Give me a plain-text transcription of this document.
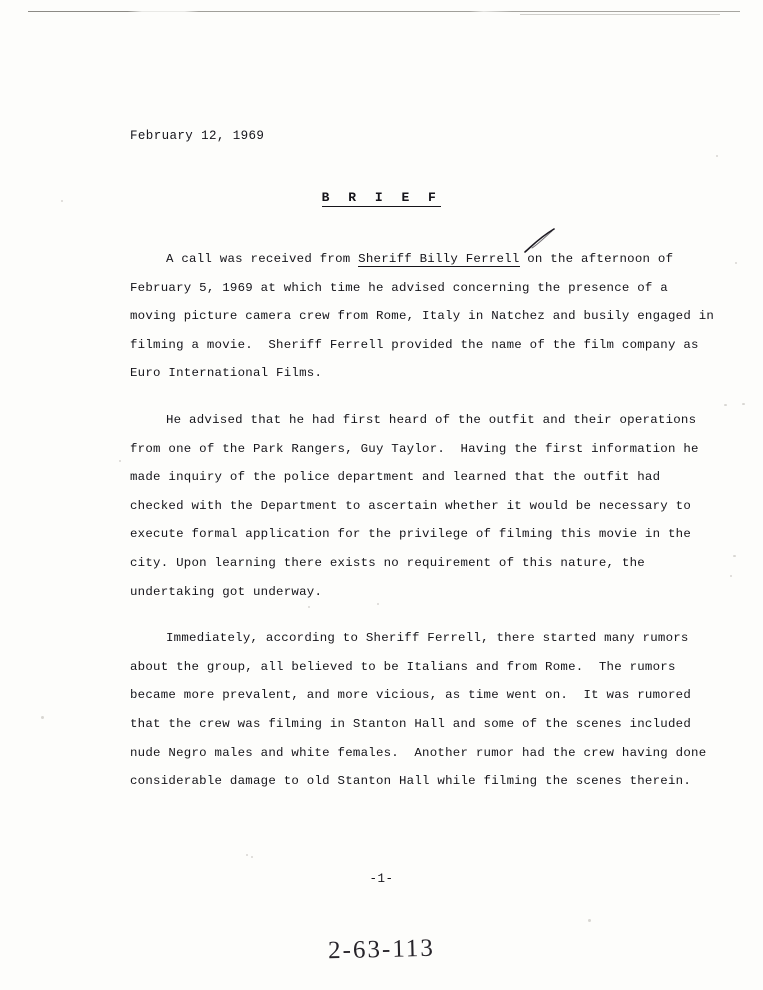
February 12, 1969
B R I E F

A call was received from Sheriff Billy Ferrell on the afternoon of February 5, 1969 at which time he advised concerning the presence of a moving picture camera crew from Rome, Italy in Natchez and busily engaged in filming a movie.  Sheriff Ferrell provided the name of the film company as Euro International Films.

He advised that he had first heard of the outfit and their operations from one of the Park Rangers, Guy Taylor.  Having the first information he made inquiry of the police department and learned that the outfit had checked with the Department to ascertain whether it would be necessary to execute formal application for the privilege of filming this movie in the city. Upon learning there exists no requirement of this nature, the undertaking got underway.

Immediately, according to Sheriff Ferrell, there started many rumors about the group, all believed to be Italians and from Rome.  The rumors became more prevalent, and more vicious, as time went on.  It was rumored that the crew was filming in Stanton Hall and some of the scenes included nude Negro males and white females.  Another rumor had the crew having done considerable damage to old Stanton Hall while filming the scenes therein.

-1-
2-63-113
